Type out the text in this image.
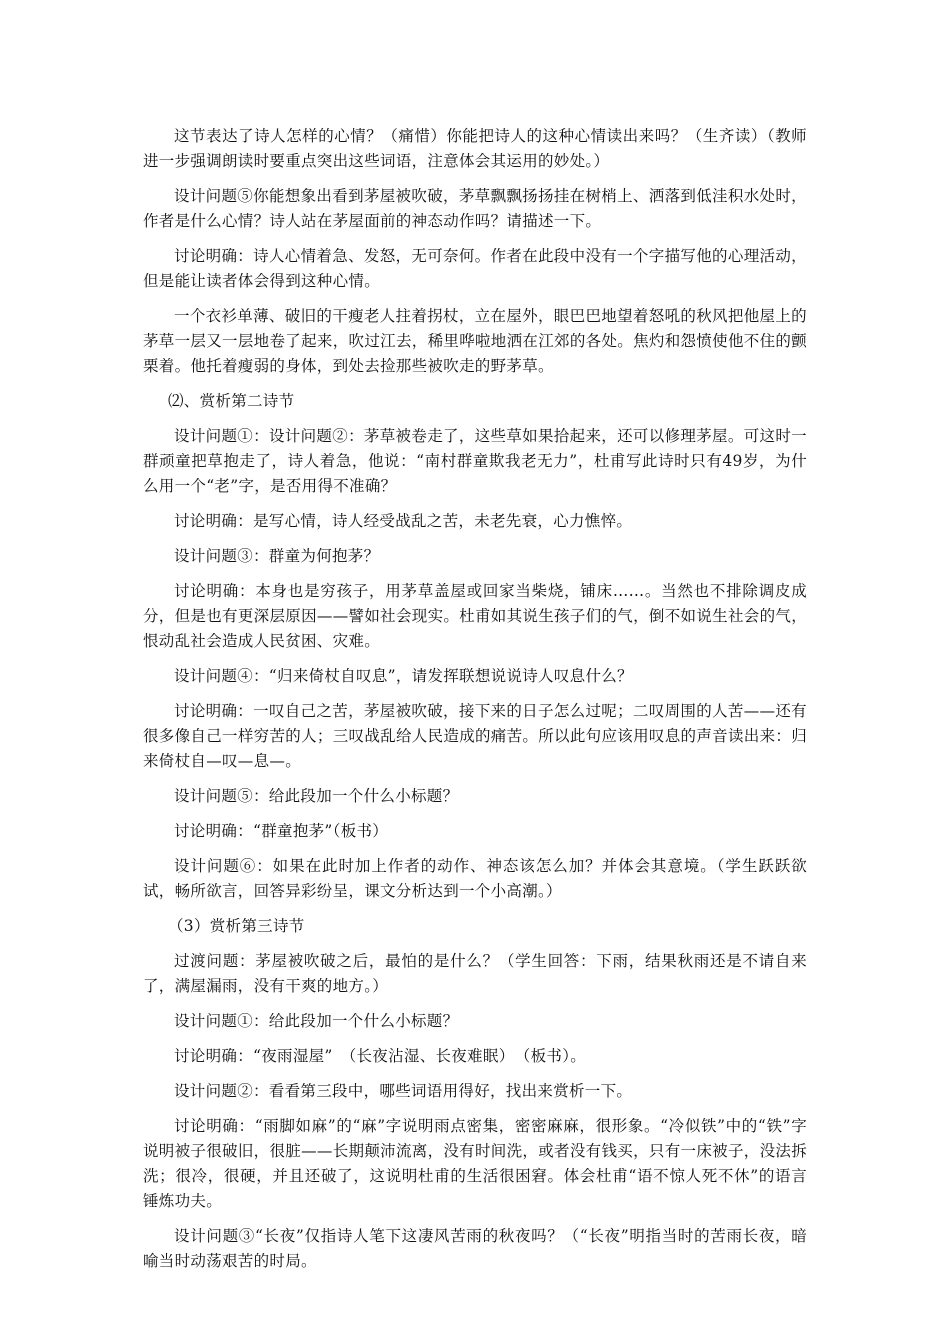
这节表达了诗人怎样的心情？（痛惜）你能把诗人的这种心情读出来吗？（生齐读）（教师进一步强调朗读时要重点突出这些词语，注意体会其运用的妙处。）

设计问题⑤你能想象出看到茅屋被吹破，茅草飘飘扬扬挂在树梢上、洒落到低洼积水处时，作者是什么心情？诗人站在茅屋面前的神态动作吗？请描述一下。

讨论明确：诗人心情着急、发怒，无可奈何。作者在此段中没有一个字描写他的心理活动，但是能让读者体会得到这种心情。

一个衣衫单薄、破旧的干瘦老人拄着拐杖，立在屋外，眼巴巴地望着怒吼的秋风把他屋上的茅草一层又一层地卷了起来，吹过江去，稀里哗啦地洒在江郊的各处。焦灼和怨愤使他不住的颤栗着。他托着瘦弱的身体，到处去捡那些被吹走的野茅草。

⑵、赏析第二诗节

设计问题①：设计问题②：茅草被卷走了，这些草如果拾起来，还可以修理茅屋。可这时一群顽童把草抱走了，诗人着急，他说：“南村群童欺我老无力”，杜甫写此诗时只有49岁，为什么用一个“老”字，是否用得不准确？

讨论明确：是写心情，诗人经受战乱之苦，未老先衰，心力憔悴。

设计问题③：群童为何抱茅？

讨论明确：本身也是穷孩子，用茅草盖屋或回家当柴烧，铺床……。当然也不排除调皮成分，但是也有更深层原因——譬如社会现实。杜甫如其说生孩子们的气，倒不如说生社会的气，恨动乱社会造成人民贫困、灾难。

设计问题④：“归来倚杖自叹息”，请发挥联想说说诗人叹息什么？

讨论明确：一叹自己之苦，茅屋被吹破，接下来的日子怎么过呢；二叹周围的人苦——还有很多像自己一样穷苦的人；三叹战乱给人民造成的痛苦。所以此句应该用叹息的声音读出来：归来倚杖自—叹—息—。

设计问题⑤：给此段加一个什么小标题？

讨论明确：“群童抱茅”（板书）

设计问题⑥：如果在此时加上作者的动作、神态该怎么加？并体会其意境。（学生跃跃欲试，畅所欲言，回答异彩纷呈，课文分析达到一个小高潮。）

（3）赏析第三诗节

过渡问题：茅屋被吹破之后，最怕的是什么？（学生回答：下雨，结果秋雨还是不请自来了，满屋漏雨，没有干爽的地方。）

设计问题①：给此段加一个什么小标题？

讨论明确：“夜雨湿屋”　（长夜沾湿、长夜难眠）　（板书）。

设计问题②：看看第三段中，哪些词语用得好，找出来赏析一下。

讨论明确：“雨脚如麻”的“麻”字说明雨点密集，密密麻麻，很形象。“冷似铁”中的“铁”字说明被子很破旧，很脏——长期颠沛流离，没有时间洗，或者没有钱买，只有一床被子，没法拆洗；很冷，很硬，并且还破了，这说明杜甫的生活很困窘。体会杜甫“语不惊人死不休”的语言锤炼功夫。

设计问题③“长夜”仅指诗人笔下这凄风苦雨的秋夜吗？（“长夜”明指当时的苦雨长夜，暗喻当时动荡艰苦的时局。
